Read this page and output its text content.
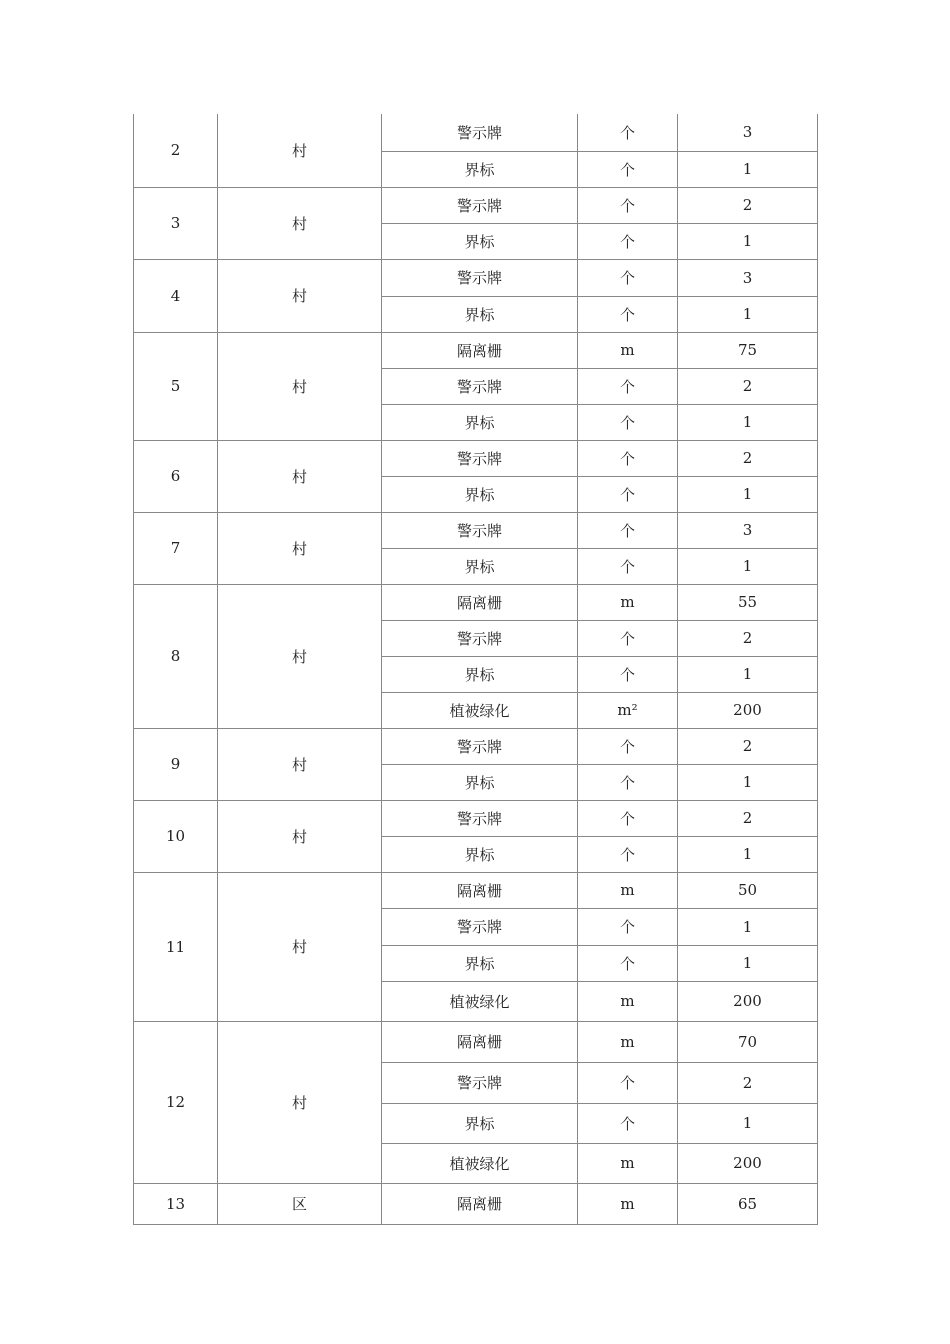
2	村	警示牌	个	3
		界标	个	1
3	村	警示牌	个	2
		界标	个	1
4	村	警示牌	个	3
		界标	个	1
5	村	隔离栅	m	75
		警示牌	个	2
		界标	个	1
6	村	警示牌	个	2
		界标	个	1
7	村	警示牌	个	3
		界标	个	1
8	村	隔离栅	m	55
		警示牌	个	2
		界标	个	1
		植被绿化	m²	200
9	村	警示牌	个	2
		界标	个	1
10	村	警示牌	个	2
		界标	个	1
11	村	隔离栅	m	50
		警示牌	个	1
		界标	个	1
		植被绿化	m	200
12	村	隔离栅	m	70
		警示牌	个	2
		界标	个	1
		植被绿化	m	200
13	区	隔离栅	m	65
